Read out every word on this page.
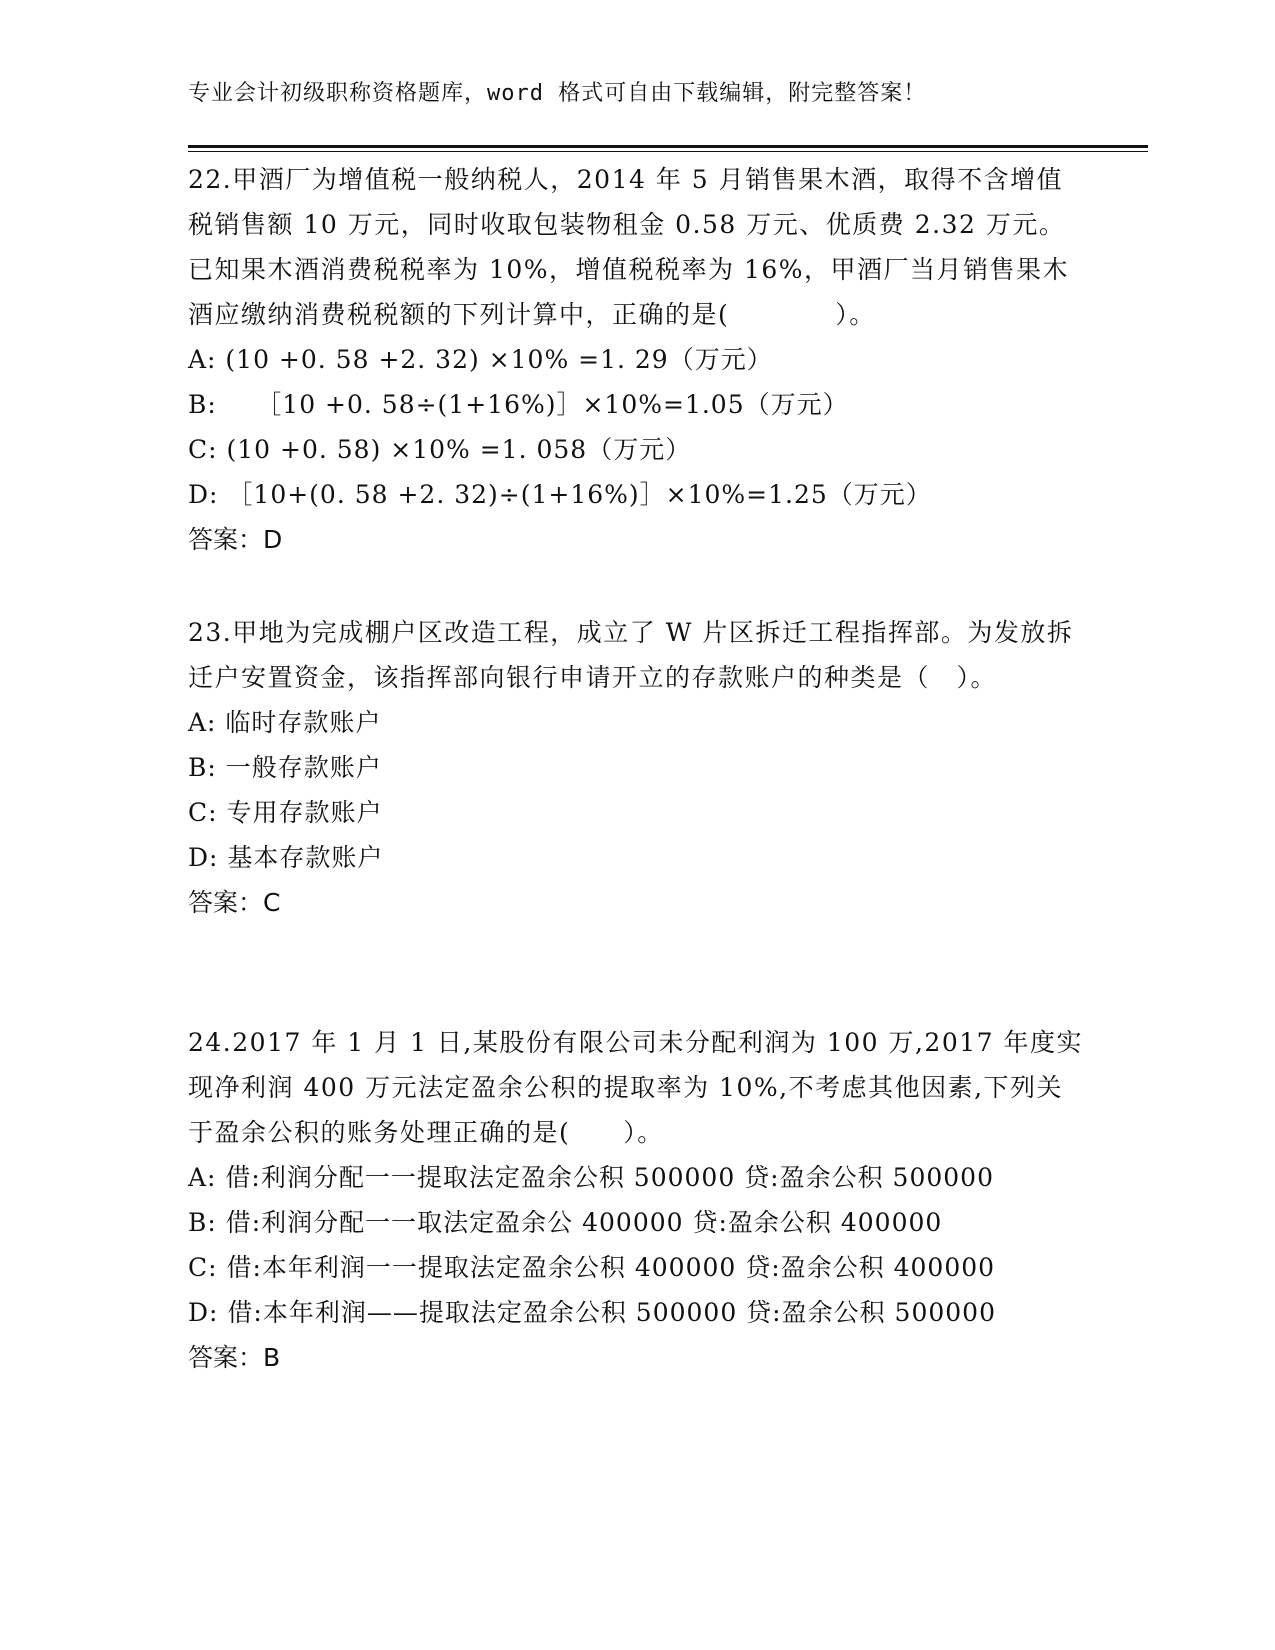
专业会计初级职称资格题库，word 格式可自由下载编辑，附完整答案！

22.甲酒厂为增值税一般纳税人，2014 年 5 月销售果木酒，取得不含增值税销售额 10 万元，同时收取包装物租金 0.58 万元、优质费 2.32 万元。已知果木酒消费税税率为 10%，增值税税率为 16%，甲酒厂当月销售果木酒应缴纳消费税税额的下列计算中，正确的是(　　　　）。

A: (10 +0. 58 +2. 32) ×10% =1. 29（万元）

B:　　［10 +0. 58÷(1+16%)］×10%=1.05（万元）

C: (10 +0. 58) ×10% =1. 058（万元）

D: ［10+(0. 58 +2. 32)÷(1+16%)］×10%=1.25（万元）

答案：D

23.甲地为完成棚户区改造工程，成立了 W 片区拆迁工程指挥部。为发放拆迁户安置资金，该指挥部向银行申请开立的存款账户的种类是（　）。

A: 临时存款账户

B: 一般存款账户

C: 专用存款账户

D: 基本存款账户

答案：C

24.2017 年 1 月 1 日,某股份有限公司未分配利润为 100 万,2017 年度实现净利润 400 万元法定盈余公积的提取率为 10%,不考虑其他因素,下列关于盈余公积的账务处理正确的是(　　）。

A: 借:利润分配一一提取法定盈余公积 500000 贷:盈余公积 500000

B: 借:利润分配一一取法定盈余公 400000 贷:盈余公积 400000

C: 借:本年利润一一提取法定盈余公积 400000 贷:盈余公积 400000

D: 借:本年利润——提取法定盈余公积 500000 贷:盈余公积 500000

答案：B
